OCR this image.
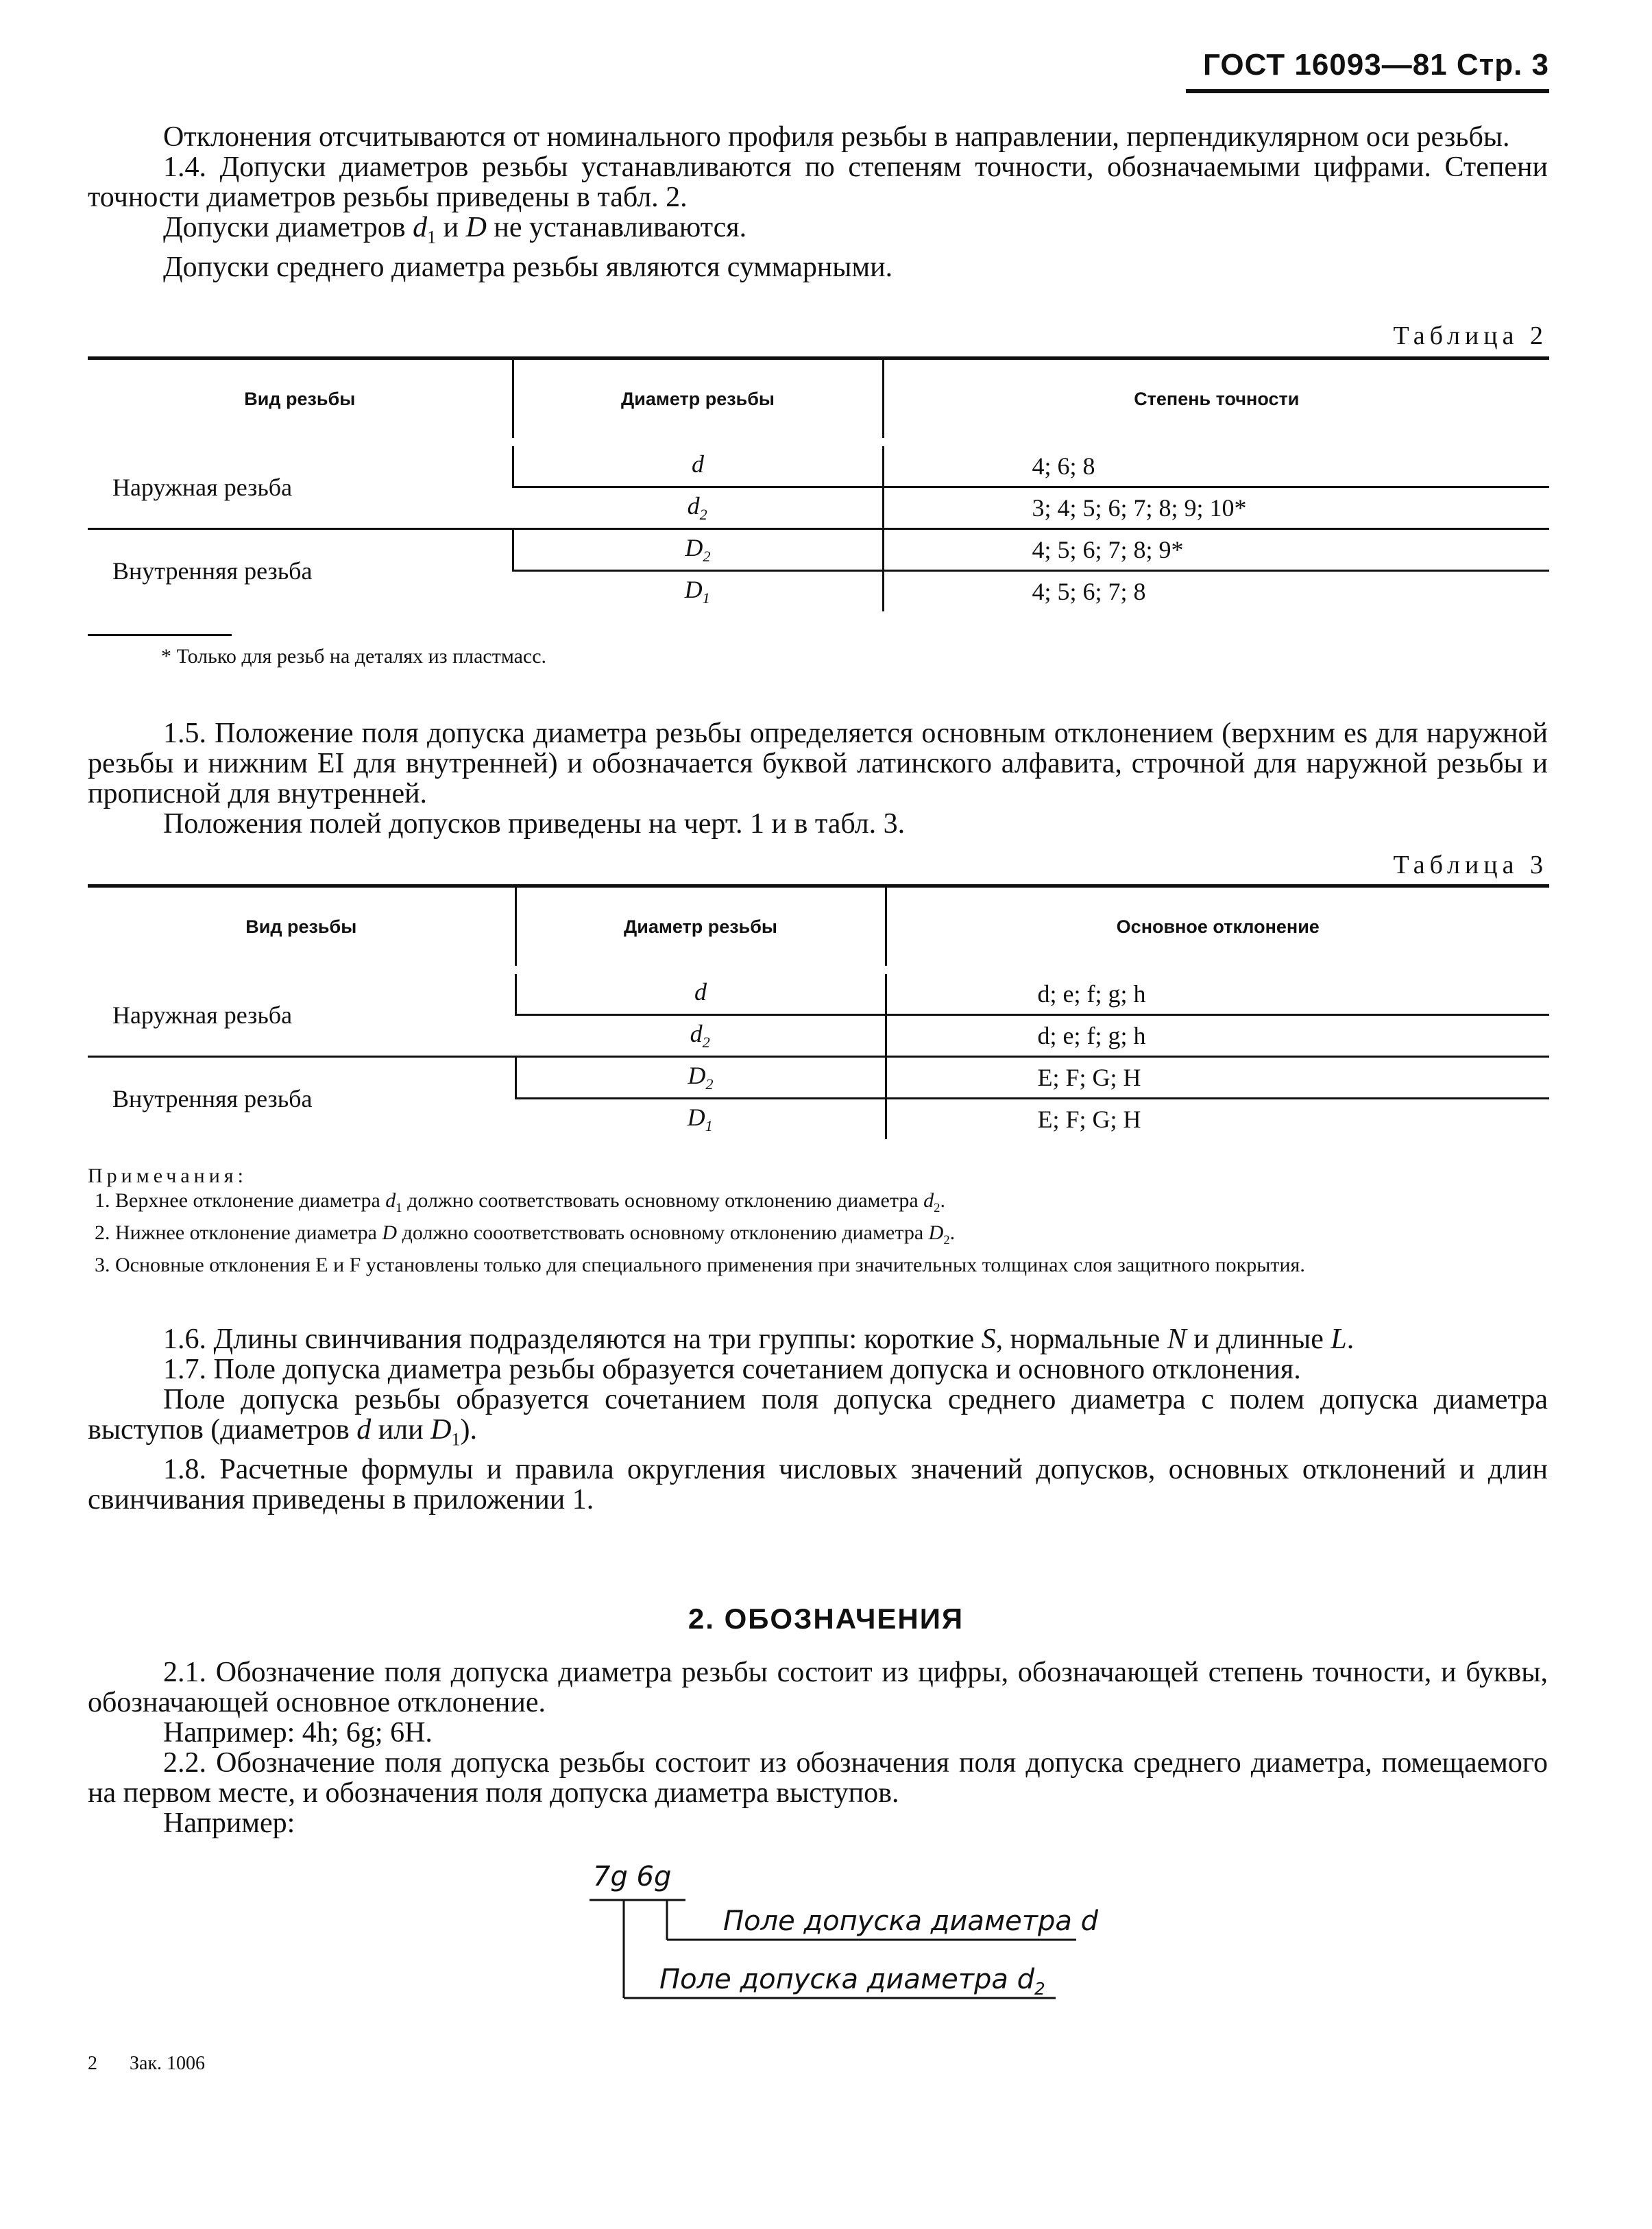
ГОСТ 16093—81 Стр. 3

Отклонения отсчитываются от номинального профиля резьбы в направлении, перпендикулярном оси резьбы.

1.4. Допуски диаметров резьбы устанавливаются по степеням точности, обозначаемыми цифрами. Степени точности диаметров резьбы приведены в табл. 2.

Допуски диаметров $d_1$ и D не устанавливаются.

Допуски среднего диаметра резьбы являются суммарными.

Таблица 2
Вид резьбы	Диаметр резьбы	Степень точности
Наружная резьба	d	4; 6; 8
	$d_2$	3; 4; 5; 6; 7; 8; 9; 10*
Внутренняя резьба	$D_2$	4; 5; 6; 7; 8; 9*
	$D_1$	4; 5; 6; 7; 8
* Только для резьб на деталях из пластмасс.

1.5. Положение поля допуска диаметра резьбы определяется основным отклонением (верхним es для наружной резьбы и нижним EI для внутренней) и обозначается буквой латинского алфавита, строчной для наружной резьбы и прописной для внутренней.

Положения полей допусков приведены на черт. 1 и в табл. 3.

Таблица 3
Вид резьбы	Диаметр резьбы	Основное отклонение
Наружная резьба	d	d; e; f; g; h
	$d_2$	d; e; f; g; h
Внутренняя резьба	$D_2$	E; F; G; H
	$D_1$	E; F; G; H
Примечания:
1. Верхнее отклонение диаметра $d_1$ должно соответствовать основному отклонению диаметра $d_2$.
2. Нижнее отклонение диаметра D должно сооответствовать основному отклонению диаметра $D_2$.
3. Основные отклонения E и F установлены только для специального применения при значительных толщинах слоя защитного покрытия.

1.6. Длины свинчивания подразделяются на три группы: короткие S, нормальные N и длинные L.

1.7. Поле допуска диаметра резьбы образуется сочетанием допуска и основного отклонения.

Поле допуска резьбы образуется сочетанием поля допуска среднего диаметра с полем допуска диаметра выступов (диаметров d или $D_1$).

1.8. Расчетные формулы и правила округления числовых значений допусков, основных отклонений и длин свинчивания приведены в приложении 1.

2. ОБОЗНАЧЕНИЯ

2.1. Обозначение поля допуска диаметра резьбы состоит из цифры, обозначающей степень точности, и буквы, обозначающей основное отклонение.

Например: 4h; 6g; 6H.

2.2. Обозначение поля допуска резьбы состоит из обозначения поля допуска среднего диаметра, помещаемого на первом месте, и обозначения поля допуска диаметра выступов.

Например:

7g 6g
Поле допуска диаметра d
Поле допуска диаметра $d_2$
2 Зак. 1006
